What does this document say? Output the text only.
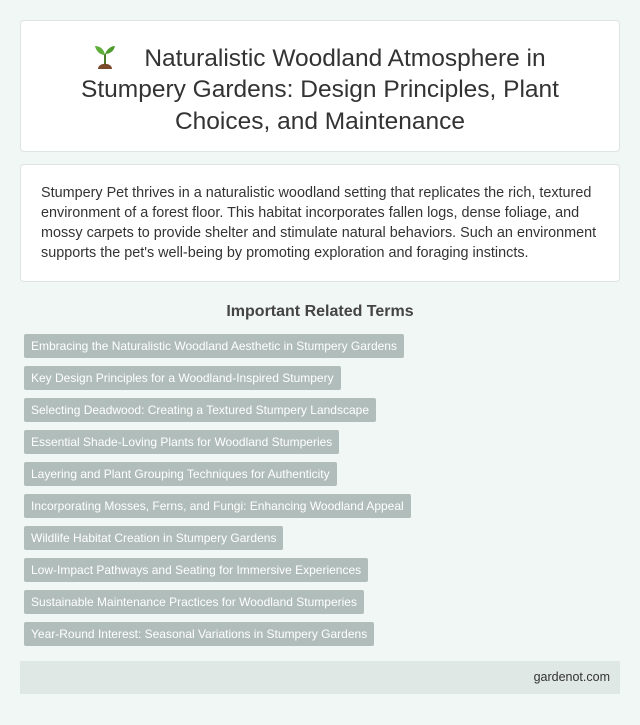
Naturalistic Woodland Atmosphere in Stumpery Gardens: Design Principles, Plant Choices, and Maintenance

Stumpery Pet thrives in a naturalistic woodland setting that replicates the rich, textured environment of a forest floor. This habitat incorporates fallen logs, dense foliage, and mossy carpets to provide shelter and stimulate natural behaviors. Such an environment supports the pet's well-being by promoting exploration and foraging instincts.

Important Related Terms
Embracing the Naturalistic Woodland Aesthetic in Stumpery Gardens
Key Design Principles for a Woodland-Inspired Stumpery
Selecting Deadwood: Creating a Textured Stumpery Landscape
Essential Shade-Loving Plants for Woodland Stumperies
Layering and Plant Grouping Techniques for Authenticity
Incorporating Mosses, Ferns, and Fungi: Enhancing Woodland Appeal
Wildlife Habitat Creation in Stumpery Gardens
Low-Impact Pathways and Seating for Immersive Experiences
Sustainable Maintenance Practices for Woodland Stumperies
Year-Round Interest: Seasonal Variations in Stumpery Gardens
gardenot.com
